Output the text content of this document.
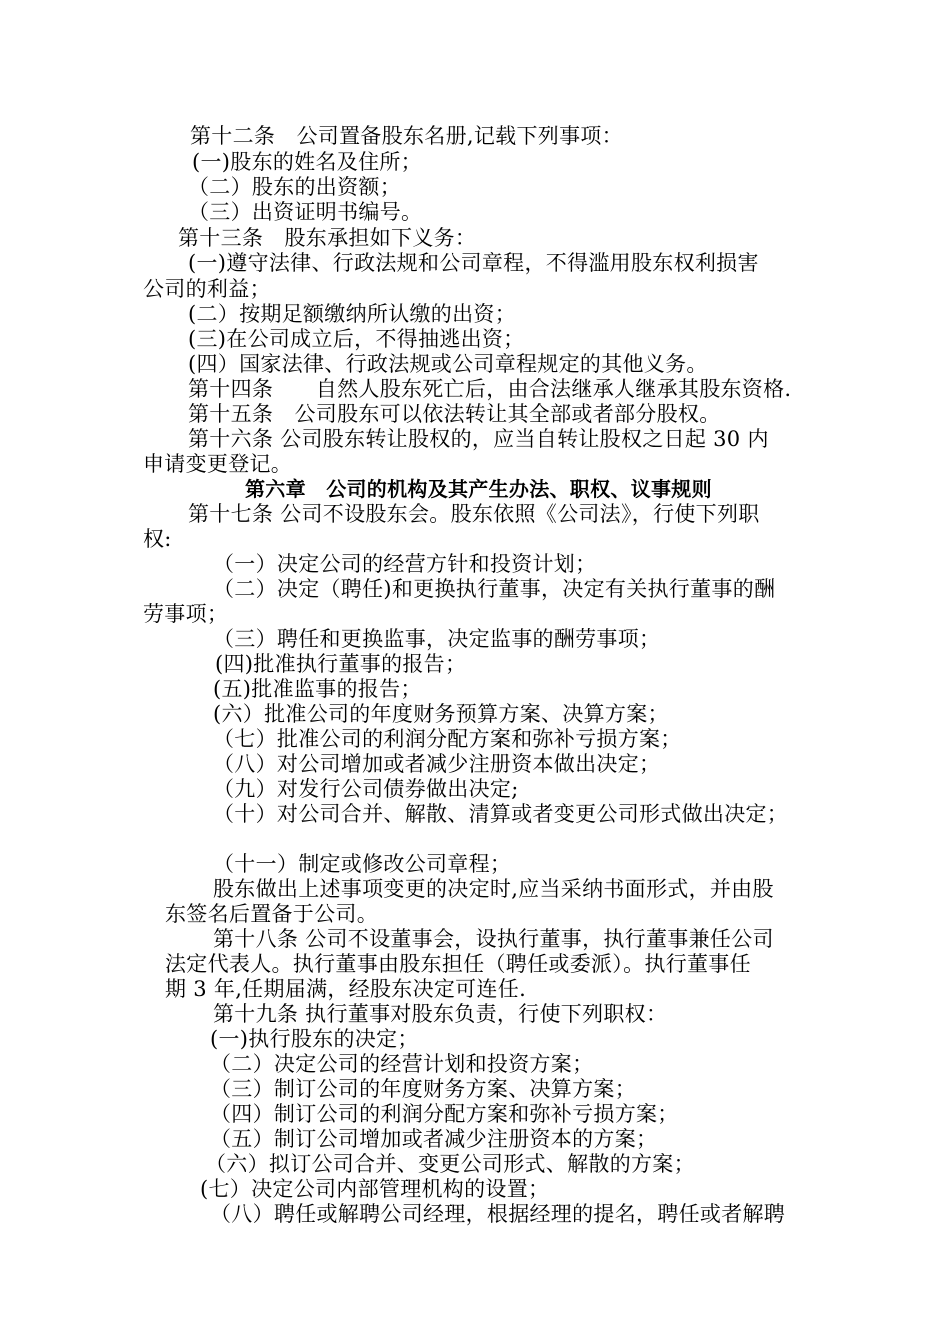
第十二条　公司置备股东名册,记载下列事项：
(一)股东的姓名及住所；
（二）股东的出资额；
（三）出资证明书编号。
第十三条　股东承担如下义务：
(一)遵守法律、行政法规和公司章程，不得滥用股东权利损害
公司的利益；
(二）按期足额缴纳所认缴的出资；
(三)在公司成立后，不得抽逃出资；
(四）国家法律、行政法规或公司章程规定的其他义务。
第十四条　　自然人股东死亡后，由合法继承人继承其股东资格.
第十五条　公司股东可以依法转让其全部或者部分股权。
第十六条 公司股东转让股权的，应当自转让股权之日起 30 内
申请变更登记。
第六章　公司的机构及其产生办法、职权、议事规则
第十七条 公司不设股东会。股东依照《公司法》，行使下列职
权:
（一）决定公司的经营方针和投资计划；
（二）决定（聘任)和更换执行董事，决定有关执行董事的酬
劳事项；
（三）聘任和更换监事，决定监事的酬劳事项；
(四)批准执行董事的报告；
(五)批准监事的报告；
(六）批准公司的年度财务预算方案、决算方案；
（七）批准公司的利润分配方案和弥补亏损方案；
（八）对公司增加或者减少注册资本做出决定；
（九）对发行公司债券做出决定;
（十）对公司合并、解散、清算或者变更公司形式做出决定；
（十一）制定或修改公司章程；
股东做出上述事项变更的决定时,应当采纳书面形式，并由股
东签名后置备于公司。
第十八条 公司不设董事会，设执行董事，执行董事兼任公司
法定代表人。执行董事由股东担任（聘任或委派）。执行董事任
期 3 年,任期届满，经股东决定可连任.
第十九条 执行董事对股东负责，行使下列职权：
(一)执行股东的决定；
（二）决定公司的经营计划和投资方案；
（三）制订公司的年度财务方案、决算方案；
（四）制订公司的利润分配方案和弥补亏损方案；
（五）制订公司增加或者减少注册资本的方案；
（六）拟订公司合并、变更公司形式、解散的方案；
(七）决定公司内部管理机构的设置；
（八）聘任或解聘公司经理，根据经理的提名，聘任或者解聘
